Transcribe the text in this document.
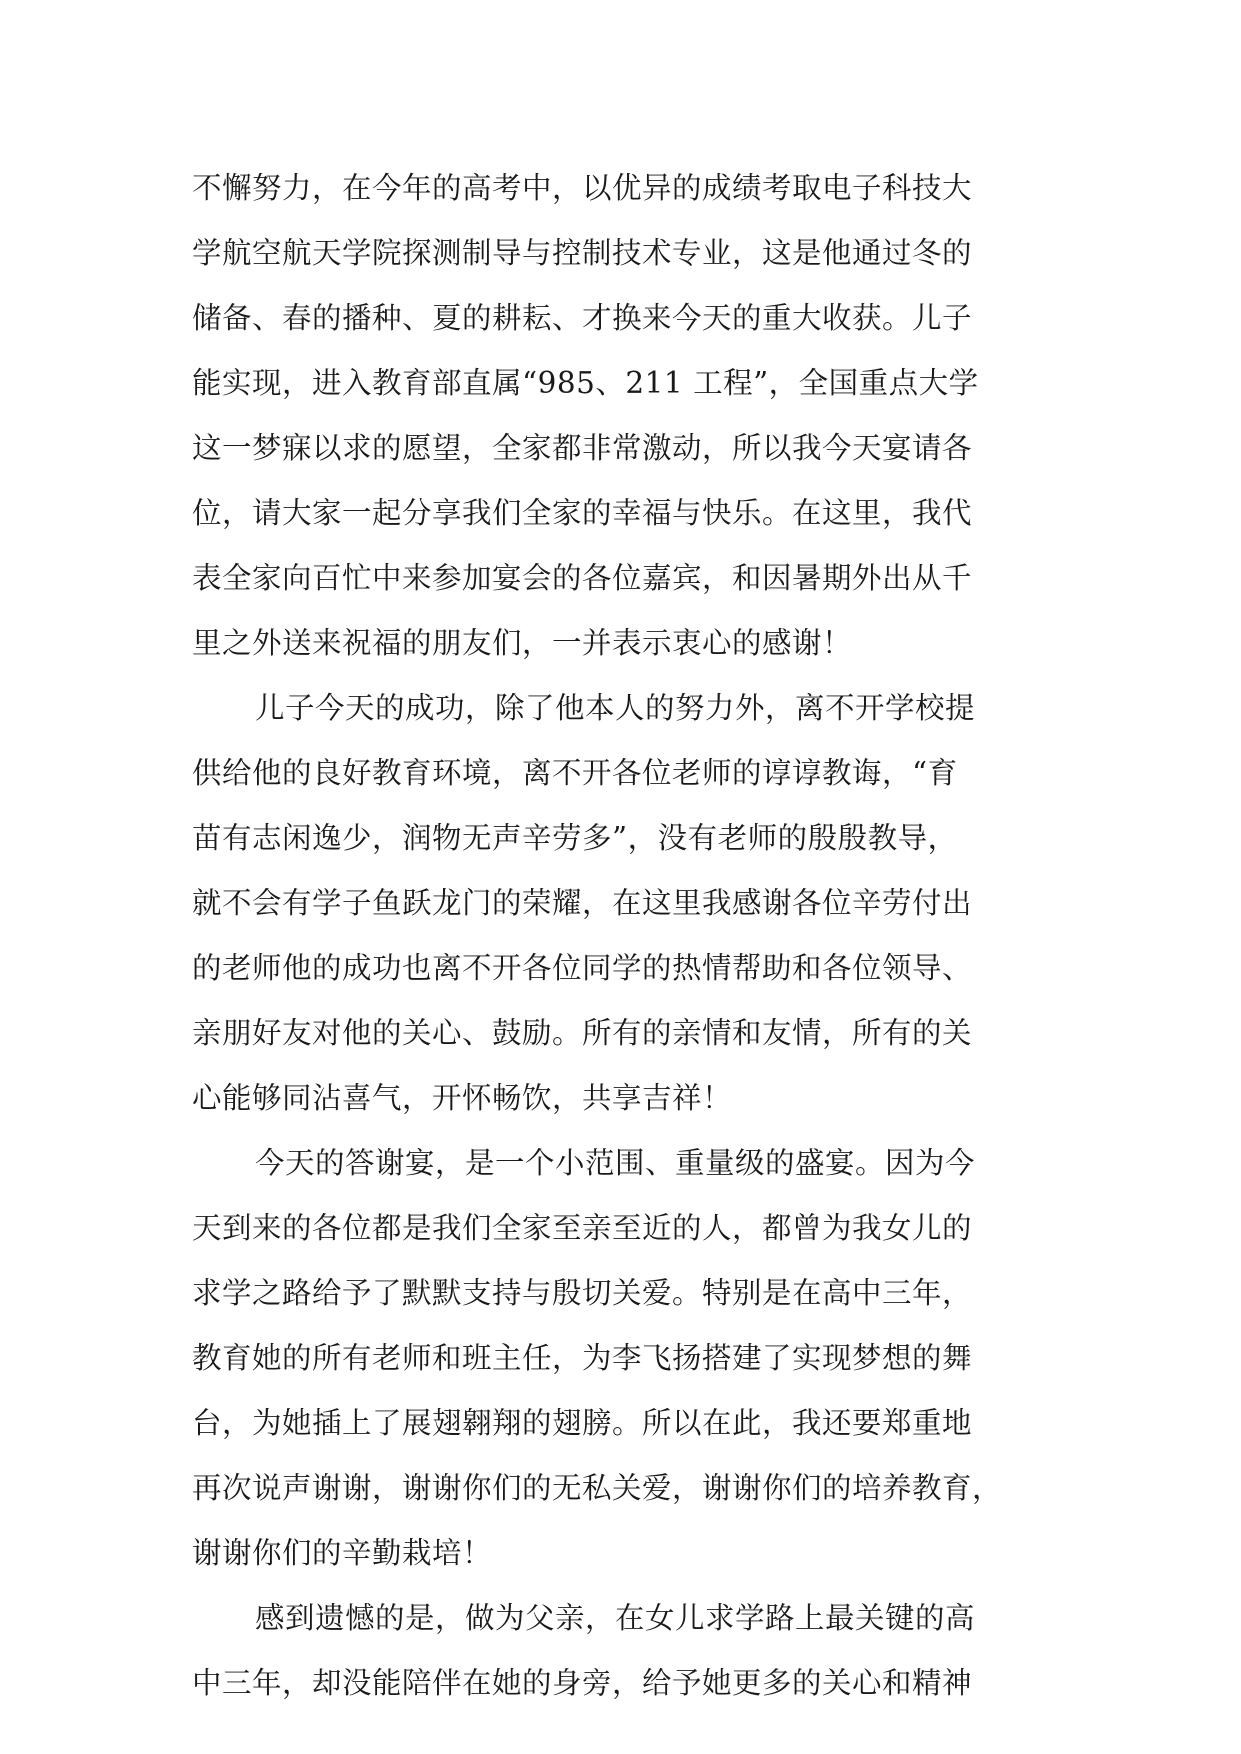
不懈努力，在今年的高考中，以优异的成绩考取电子科技大
学航空航天学院探测制导与控制技术专业，这是他通过冬的
储备、春的播种、夏的耕耘、才换来今天的重大收获。儿子
能实现，进入教育部直属“985、211 工程”，全国重点大学
这一梦寐以求的愿望，全家都非常激动，所以我今天宴请各
位，请大家一起分享我们全家的幸福与快乐。在这里，我代
表全家向百忙中来参加宴会的各位嘉宾，和因暑期外出从千
里之外送来祝福的朋友们，一并表示衷心的感谢！
儿子今天的成功，除了他本人的努力外，离不开学校提
供给他的良好教育环境，离不开各位老师的谆谆教诲，“育
苗有志闲逸少，润物无声辛劳多”，没有老师的殷殷教导，
就不会有学子鱼跃龙门的荣耀，在这里我感谢各位辛劳付出
的老师他的成功也离不开各位同学的热情帮助和各位领导、
亲朋好友对他的关心、鼓励。所有的亲情和友情，所有的关
心能够同沾喜气，开怀畅饮，共享吉祥！
今天的答谢宴，是一个小范围、重量级的盛宴。因为今
天到来的各位都是我们全家至亲至近的人，都曾为我女儿的
求学之路给予了默默支持与殷切关爱。特别是在高中三年，
教育她的所有老师和班主任，为李飞扬搭建了实现梦想的舞
台，为她插上了展翅翱翔的翅膀。所以在此，我还要郑重地
再次说声谢谢，谢谢你们的无私关爱，谢谢你们的培养教育，
谢谢你们的辛勤栽培！
感到遗憾的是，做为父亲，在女儿求学路上最关键的高
中三年，却没能陪伴在她的身旁，给予她更多的关心和精神
